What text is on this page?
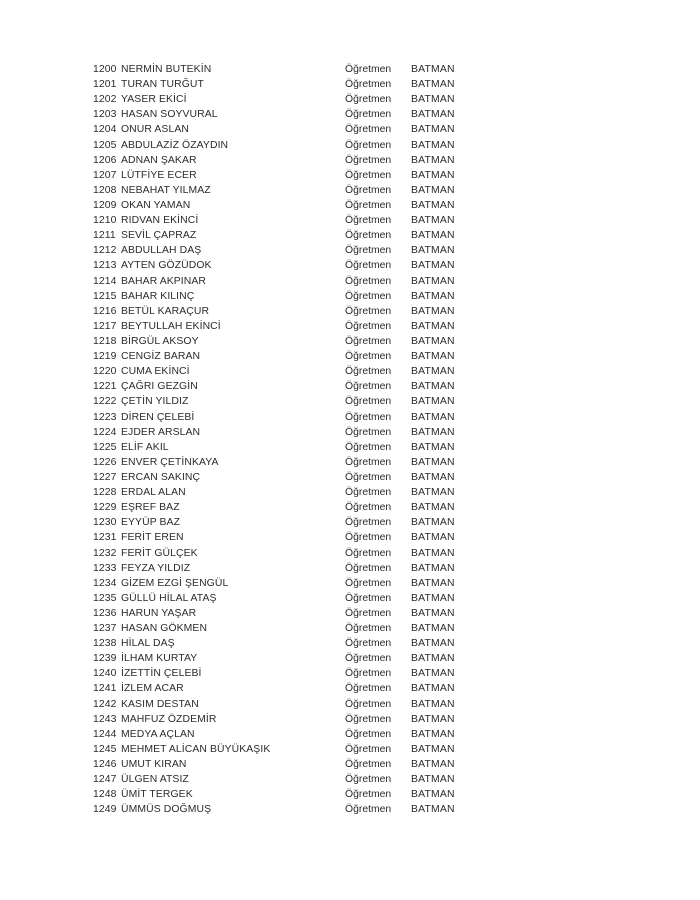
1200 NERMİN BUTEKİN	Öğretmen BATMAN
1201 TURAN TURĞUT	Öğretmen BATMAN
1202 YASER EKİCİ	Öğretmen BATMAN
1203 HASAN SOYVURAL	Öğretmen BATMAN
1204 ONUR ASLAN	Öğretmen BATMAN
1205 ABDULAZİZ ÖZAYDIN	Öğretmen BATMAN
1206 ADNAN ŞAKAR	Öğretmen BATMAN
1207 LÜTFİYE ECER	Öğretmen BATMAN
1208 NEBAHAT YILMAZ	Öğretmen BATMAN
1209 OKAN YAMAN	Öğretmen BATMAN
1210 RIDVAN EKİNCİ	Öğretmen BATMAN
1211 SEVİL ÇAPRAZ	Öğretmen BATMAN
1212 ABDULLAH DAŞ	Öğretmen BATMAN
1213 AYTEN GÖZÜDOK	Öğretmen BATMAN
1214 BAHAR AKPINAR	Öğretmen BATMAN
1215 BAHAR KILINÇ	Öğretmen BATMAN
1216 BETÜL KARAÇUR	Öğretmen BATMAN
1217 BEYTULLAH EKİNCİ	Öğretmen BATMAN
1218 BİRGÜL AKSOY	Öğretmen BATMAN
1219 CENGİZ BARAN	Öğretmen BATMAN
1220 CUMA EKİNCİ	Öğretmen BATMAN
1221 ÇAĞRI GEZGİN	Öğretmen BATMAN
1222 ÇETİN YILDIZ	Öğretmen BATMAN
1223 DİREN ÇELEBİ	Öğretmen BATMAN
1224 EJDER ARSLAN	Öğretmen BATMAN
1225 ELİF AKIL	Öğretmen BATMAN
1226 ENVER ÇETİNKAYA	Öğretmen BATMAN
1227 ERCAN SAKINÇ	Öğretmen BATMAN
1228 ERDAL ALAN	Öğretmen BATMAN
1229 EŞREF BAZ	Öğretmen BATMAN
1230 EYYÜP BAZ	Öğretmen BATMAN
1231 FERİT EREN	Öğretmen BATMAN
1232 FERİT GÜLÇEK	Öğretmen BATMAN
1233 FEYZA YILDIZ	Öğretmen BATMAN
1234 GİZEM EZGİ ŞENGÜL	Öğretmen BATMAN
1235 GÜLLÜ HİLAL ATAŞ	Öğretmen BATMAN
1236 HARUN YAŞAR	Öğretmen BATMAN
1237 HASAN GÖKMEN	Öğretmen BATMAN
1238 HİLAL DAŞ	Öğretmen BATMAN
1239 İLHAM KURTAY	Öğretmen BATMAN
1240 İZETTİN ÇELEBİ	Öğretmen BATMAN
1241 İZLEM ACAR	Öğretmen BATMAN
1242 KASIM DESTAN	Öğretmen BATMAN
1243 MAHFUZ ÖZDEMİR	Öğretmen BATMAN
1244 MEDYA AÇLAN	Öğretmen BATMAN
1245 MEHMET ALİCAN BÜYÜKAŞIK	Öğretmen BATMAN
1246 UMUT KIRAN	Öğretmen BATMAN
1247 ÜLGEN ATSIZ	Öğretmen BATMAN
1248 ÜMİT TERGEK	Öğretmen BATMAN
1249 ÜMMÜS DOĞMUŞ	Öğretmen BATMAN
